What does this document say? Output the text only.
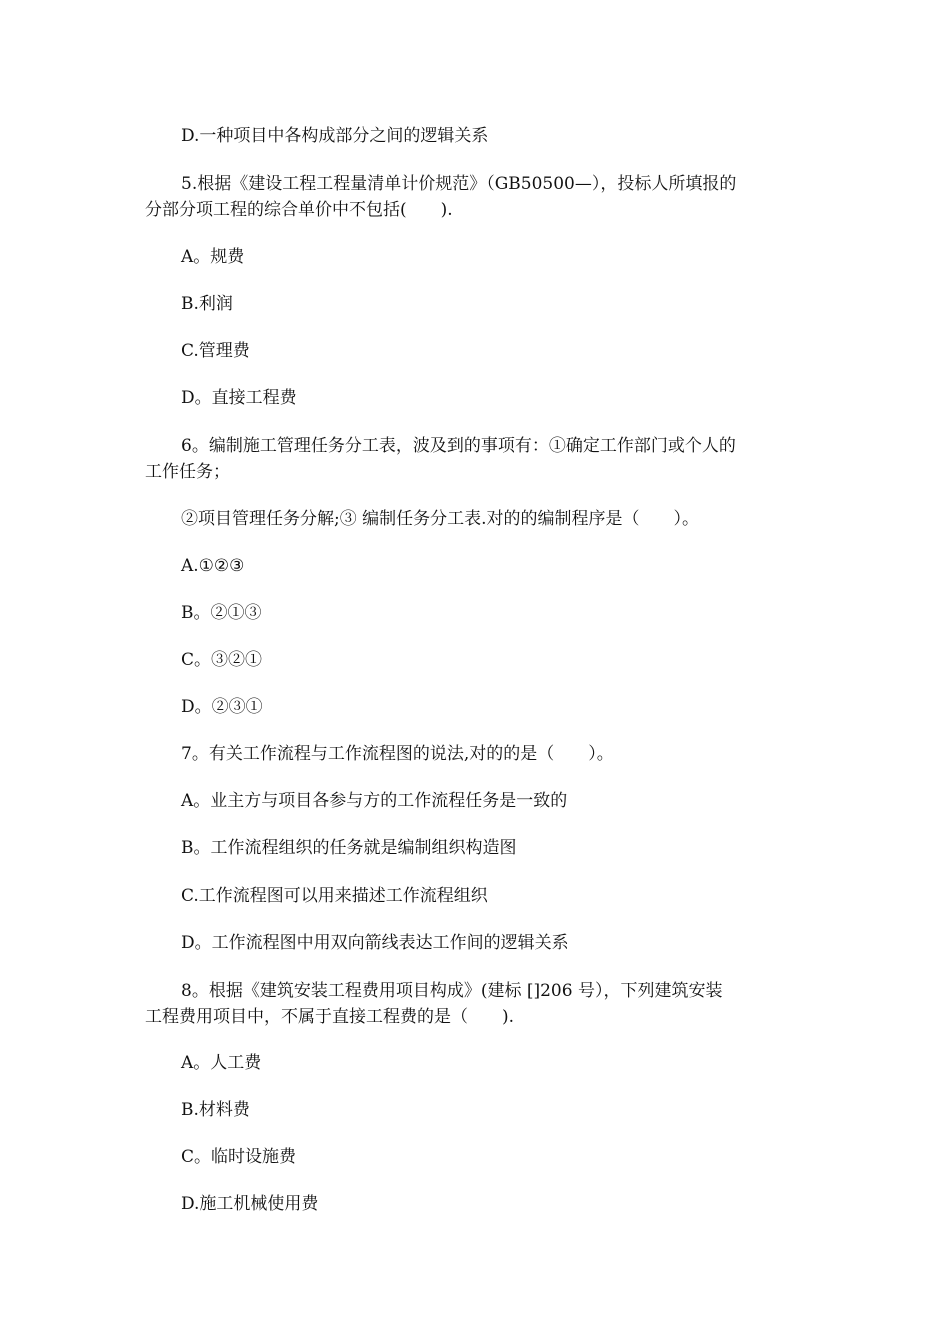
D.一种项目中各构成部分之间的逻辑关系
5.根据《建设工程工程量清单计价规范》（GB50500—），投标人所填报的
分部分项工程的综合单价中不包括(　　).
A。规费
B.利润
C.管理费
D。直接工程费
6。编制施工管理任务分工表，波及到的事项有：①确定工作部门或个人的
工作任务；
②项目管理任务分解;③ 编制任务分工表.对的的编制程序是（　　）。
A.①②③
B。②①③
C。③②①
D。②③①
7。有关工作流程与工作流程图的说法,对的的是（　　）。
A。业主方与项目各参与方的工作流程任务是一致的
B。工作流程组织的任务就是编制组织构造图
C.工作流程图可以用来描述工作流程组织
D。工作流程图中用双向箭线表达工作间的逻辑关系
8。根据《建筑安装工程费用项目构成》(建标 []206 号），下列建筑安装
工程费用项目中，不属于直接工程费的是（　　).
A。人工费
B.材料费
C。临时设施费
D.施工机械使用费
